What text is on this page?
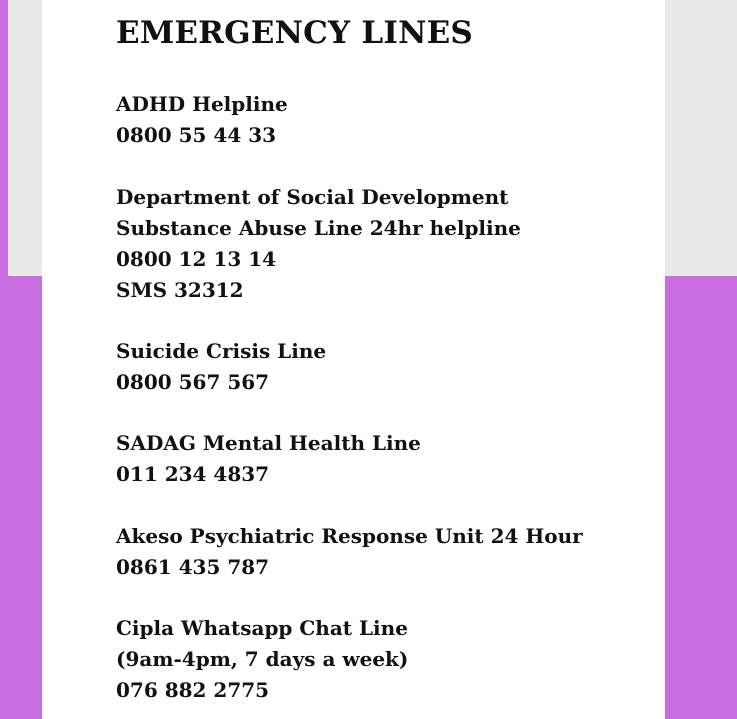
EMERGENCY LINES
ADHD Helpline
0800 55 44 33
Department of Social Development
Substance Abuse Line 24hr helpline
0800 12 13 14
SMS 32312
Suicide Crisis Line
0800 567 567
SADAG Mental Health Line
011 234 4837
Akeso Psychiatric Response Unit 24 Hour
0861 435 787
Cipla Whatsapp Chat Line
(9am-4pm, 7 days a week)
076 882 2775
